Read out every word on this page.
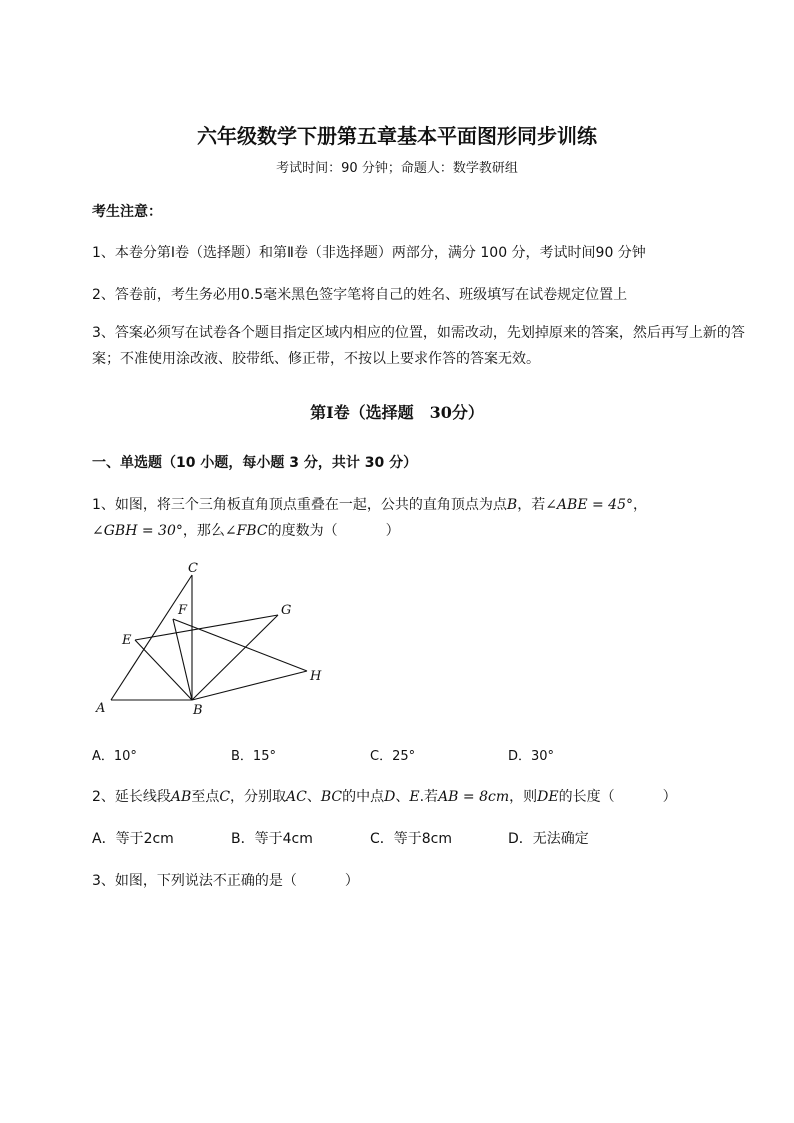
六年级数学下册第五章基本平面图形同步训练
考试时间：90 分钟；命题人：数学教研组
考生注意：
1、本卷分第Ⅰ卷（选择题）和第Ⅱ卷（非选择题）两部分，满分 100 分，考试时间90 分钟
2、答卷前，考生务必用0.5毫米黑色签字笔将自己的姓名、班级填写在试卷规定位置上
3、答案必须写在试卷各个题目指定区域内相应的位置，如需改动，先划掉原来的答案，然后再写上新的答案；不准使用涂改液、胶带纸、修正带，不按以上要求作答的答案无效。
第Ⅰ卷（选择题　30分）
一、单选题（10 小题，每小题 3 分，共计 30 分）
1、如图，将三个三角板直角顶点重叠在一起，公共的直角顶点为点B，若∠ABE = 45°，
∠GBH = 30°，那么∠FBC的度数为（	）
A	B
C
E
F	G
H
A．10°	B．15°	C．25°	D．30°
2、延长线段AB至点C，分别取AC、BC的中点D、E.若AB = 8cm，则DE的长度（	）
A．等于2cm	B．等于4cm	C．等于8cm	D．无法确定
3、如图，下列说法不正确的是（	）
